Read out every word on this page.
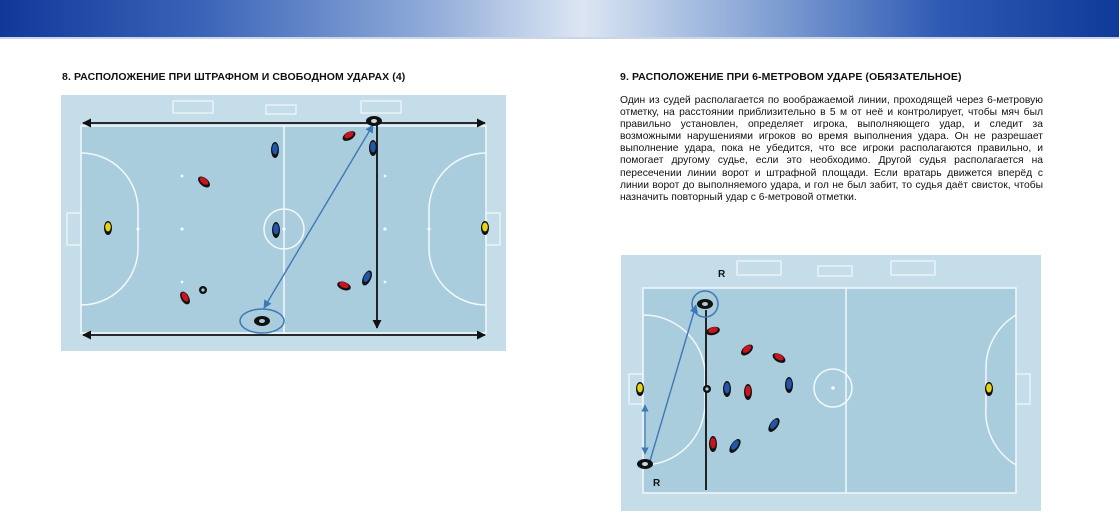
8. РАСПОЛОЖЕНИЕ ПРИ ШТРАФНОМ И СВОБОДНОМ УДАРАХ (4)	9. РАСПОЛОЖЕНИЕ ПРИ 6-МЕТРОВОМ УДАРЕ (ОБЯЗАТЕЛЬНОЕ)

Один из судей располагается по воображаемой линии, проходящей через 6-метровую отметку, на расстоянии приблизительно в 5 м от неё и контролирует, чтобы мяч был правильно установлен, определяет игрока, выполняющего удар, и следит за возможными нарушениями игроков во время выполнения удара. Он не разрешает выполнение удара, пока не убедится, что все игроки располагаются правильно, и помогает другому судье, если это необходимо. Другой судья располагается на пересечении линии ворот и штрафной площади. Если вратарь движется вперёд с линии ворот до выполняемого удара, и гол не был забит, то судья даёт свисток, чтобы назначить повторный удар с 6-метровой отметки.

R
R
